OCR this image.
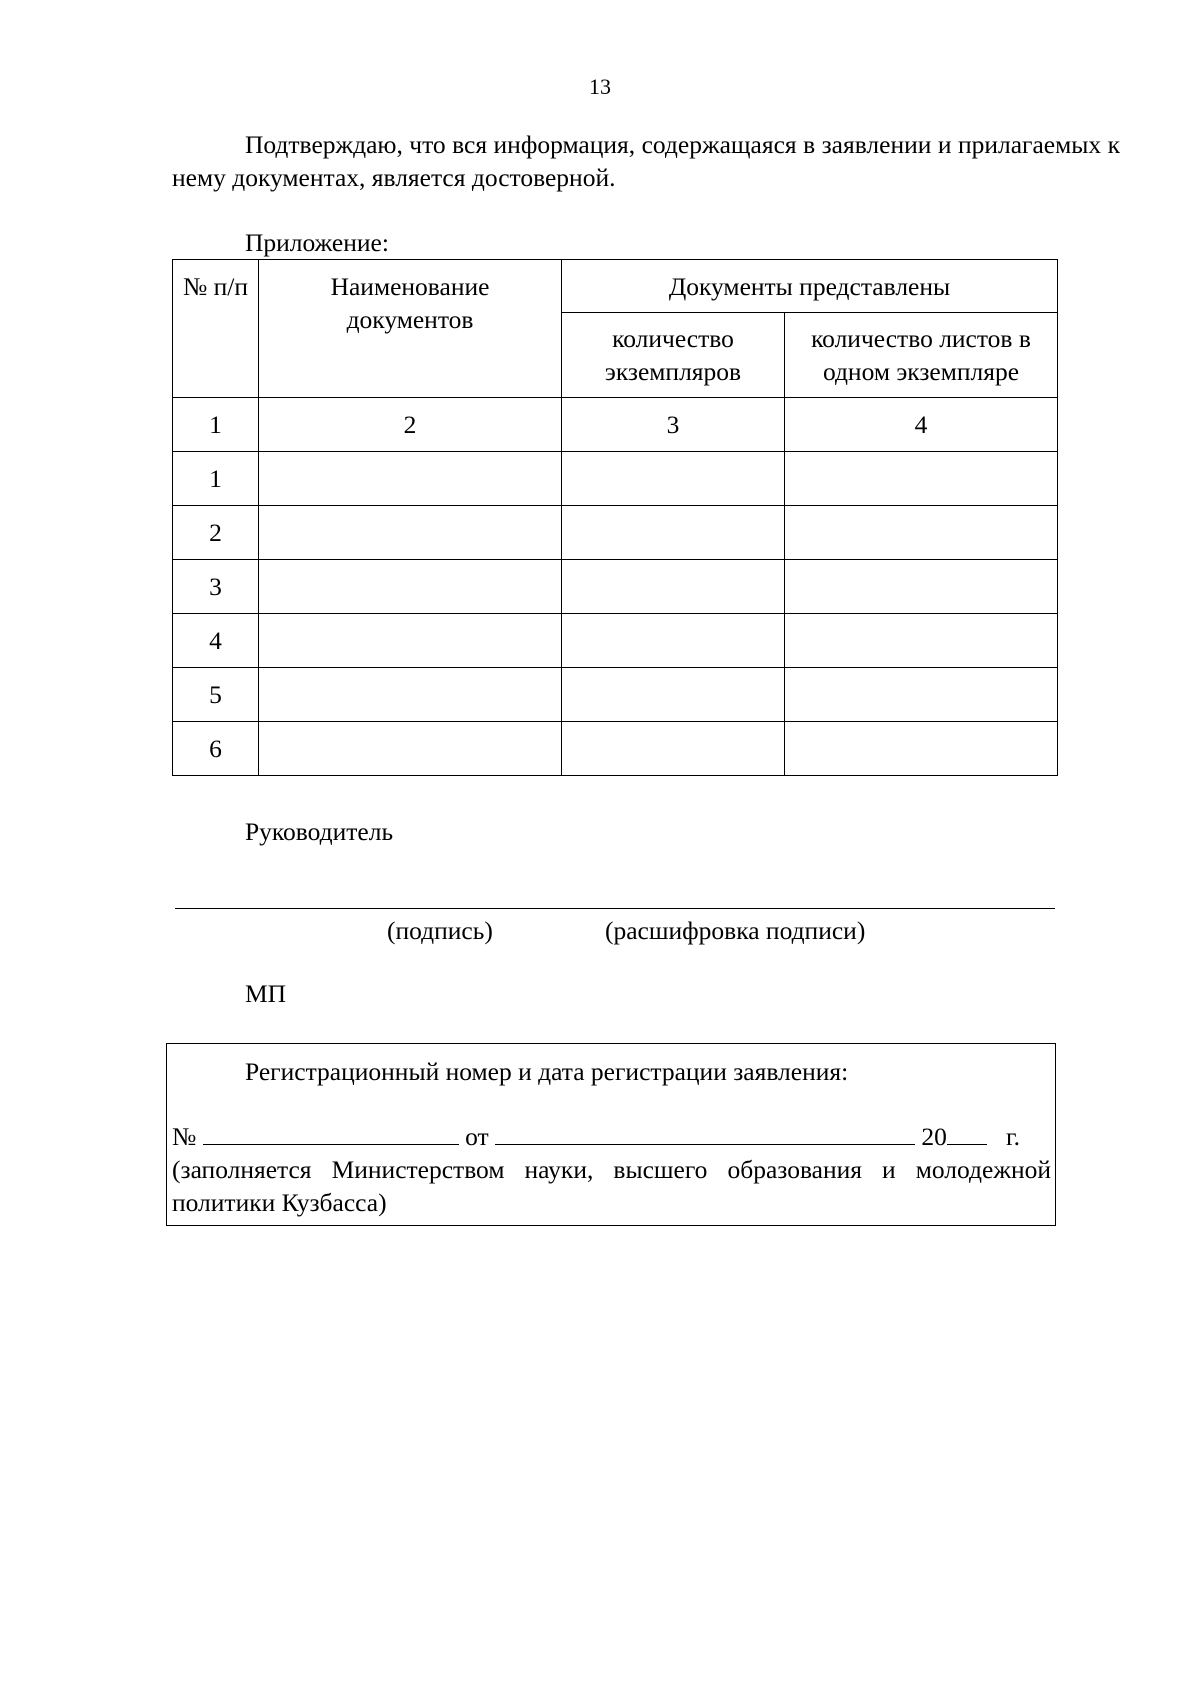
13

Подтверждаю, что вся информация, содержащаяся в заявлении и прилагаемых к нему документах, является достоверной.

Приложение:
№ п/п	Наименование документов	Документы представлены	
		количество экземпляров	количество листов в одном экземпляре
1	2	3	4
1			
2			
3			
4			
5			
6			
Руководитель
(подпись)	(расшифровка подписи)
МП
Регистрационный номер и дата регистрации заявления:
№	от	20 г.

(заполняется Министерством науки, высшего образования и молодежной политики Кузбасса)
